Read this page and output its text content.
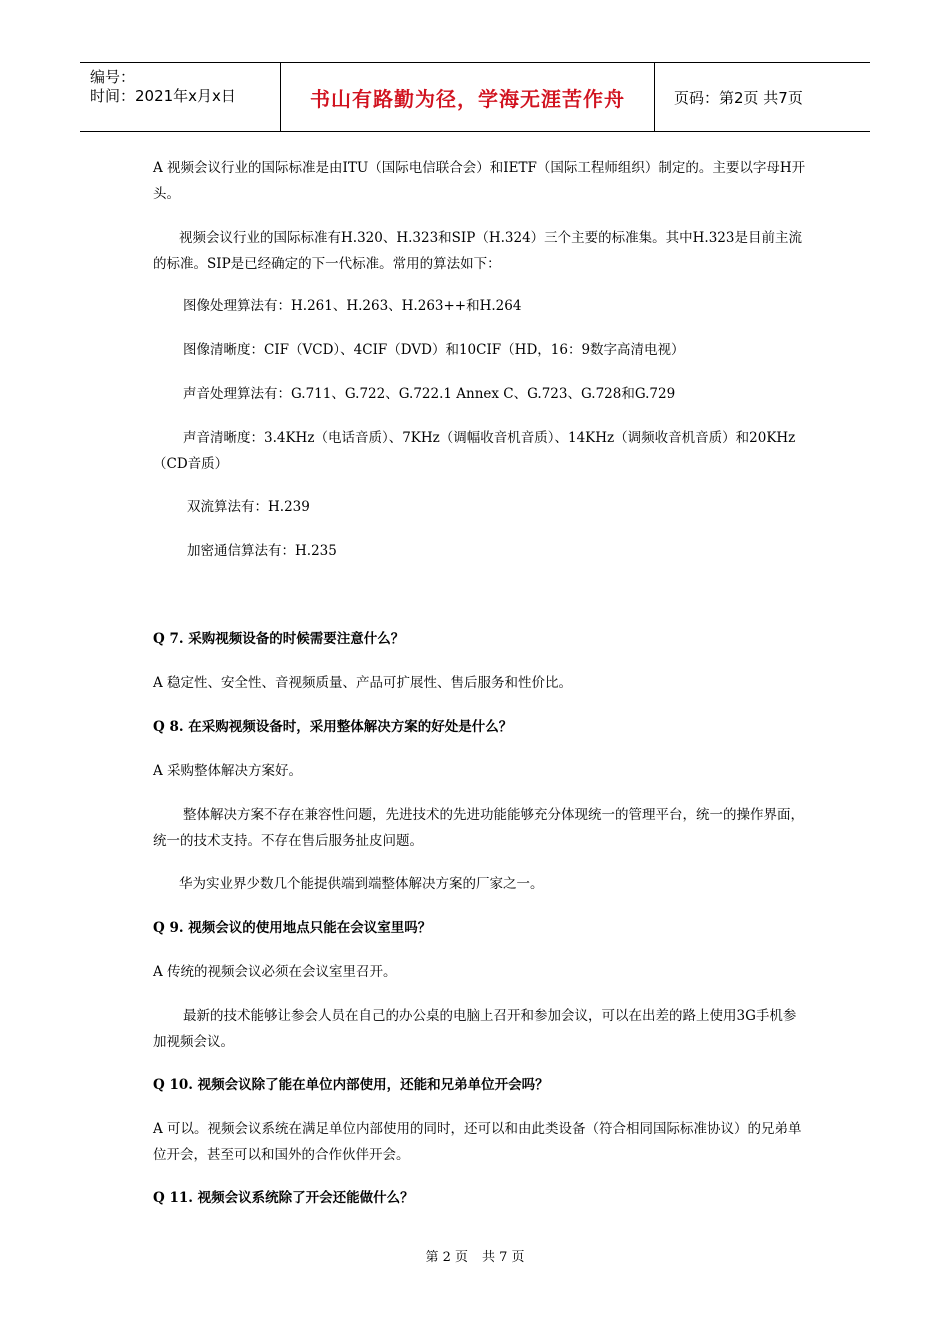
编号：
时间：2021年x月x日	书山有路勤为径，学海无涯苦作舟	页码：第2页 共7页

A 视频会议行业的国际标准是由ITU（国际电信联合会）和IETF（国际工程师组织）制定的。主要以字母H开头。

视频会议行业的国际标准有H.320、H.323和SIP（H.324）三个主要的标准集。其中H.323是目前主流的标准。SIP是已经确定的下一代标准。常用的算法如下：

图像处理算法有：H.261、H.263、H.263++和H.264

图像清晰度：CIF（VCD）、4CIF（DVD）和10CIF（HD，16：9数字高清电视）

声音处理算法有：G.711、G.722、G.722.1 Annex C、G.723、G.728和G.729

声音清晰度：3.4KHz（电话音质）、7KHz（调幅收音机音质）、14KHz（调频收音机音质）和20KHz（CD音质）

双流算法有：H.239

加密通信算法有：H.235

Q 7. 采购视频设备的时候需要注意什么？

A 稳定性、安全性、音视频质量、产品可扩展性、售后服务和性价比。

Q 8. 在采购视频设备时，采用整体解决方案的好处是什么？

A 采购整体解决方案好。

整体解决方案不存在兼容性问题，先进技术的先进功能能够充分体现统一的管理平台，统一的操作界面，统一的技术支持。不存在售后服务扯皮问题。

华为实业界少数几个能提供端到端整体解决方案的厂家之一。

Q 9. 视频会议的使用地点只能在会议室里吗？

A 传统的视频会议必须在会议室里召开。

最新的技术能够让参会人员在自己的办公桌的电脑上召开和参加会议，可以在出差的路上使用3G手机参加视频会议。

Q 10. 视频会议除了能在单位内部使用，还能和兄弟单位开会吗？

A 可以。视频会议系统在满足单位内部使用的同时，还可以和由此类设备（符合相同国际标准协议）的兄弟单位开会，甚至可以和国外的合作伙伴开会。

Q 11. 视频会议系统除了开会还能做什么？

第 2 页 共 7 页
